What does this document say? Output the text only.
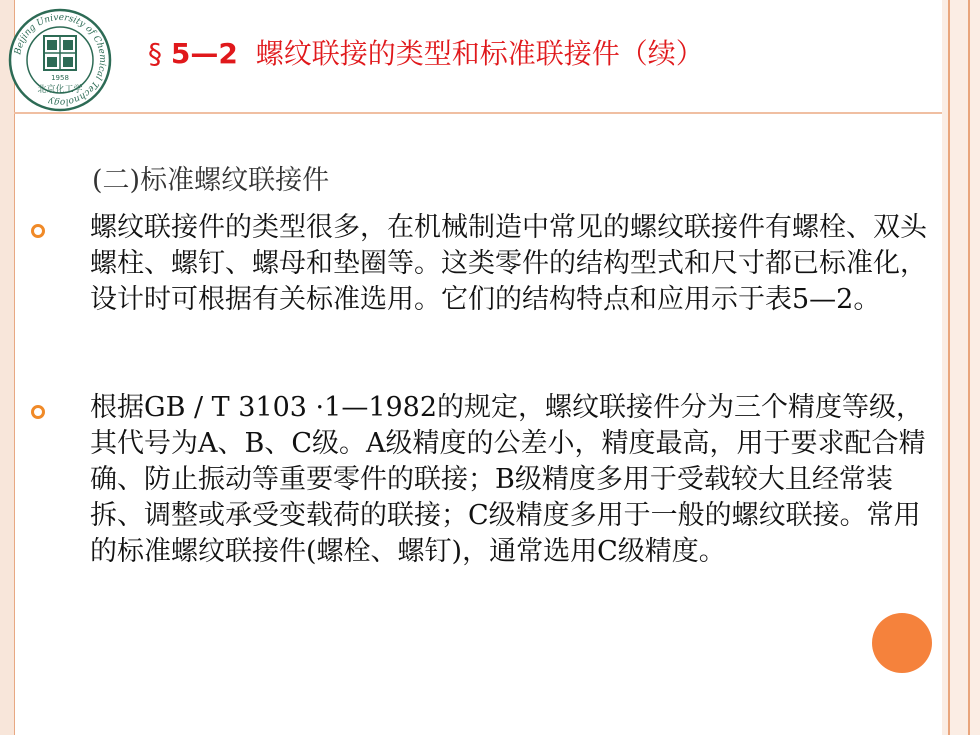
Beijing University of Chemical Technology
1958
北京化工学
§ 5—2 螺纹联接的类型和标准联接件（续）
(二)标准螺纹联接件
螺纹联接件的类型很多，在机械制造中常见的螺纹联接件有螺栓、双头螺柱、螺钉、螺母和垫圈等。这类零件的结构型式和尺寸都已标准化，设计时可根据有关标准选用。它们的结构特点和应用示于表5—2。
根据GB / T 3103 ·1—1982的规定，螺纹联接件分为三个精度等级，其代号为A、B、C级。A级精度的公差小，精度最高，用于要求配合精确、防止振动等重要零件的联接；B级精度多用于受载较大且经常装拆、调整或承受变载荷的联接；C级精度多用于一般的螺纹联接。常用的标准螺纹联接件(螺栓、螺钉)，通常选用C级精度。
